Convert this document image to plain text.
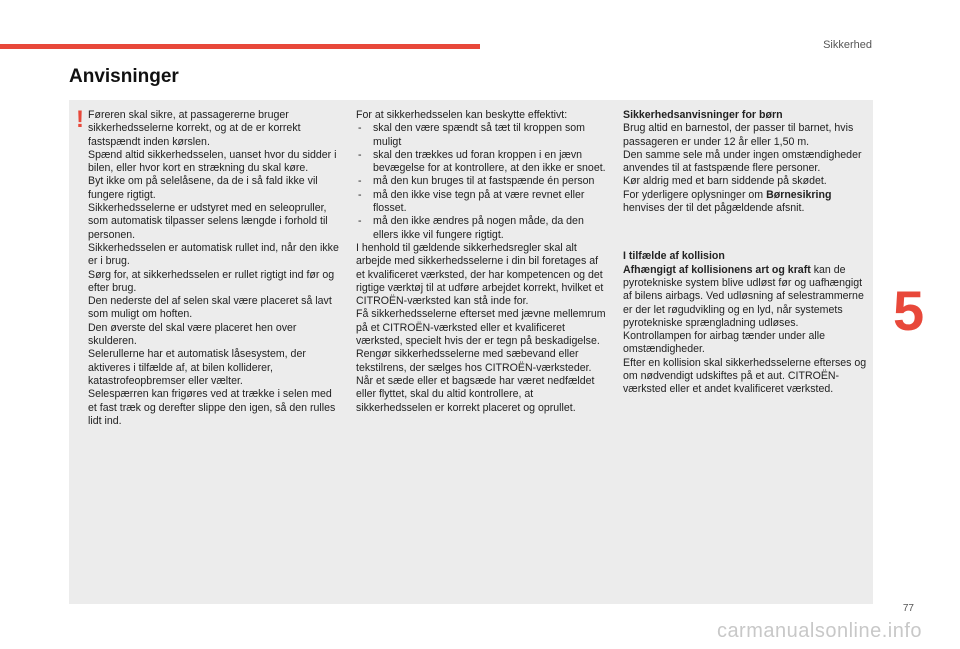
Sikkerhed
Anvisninger
! Føreren skal sikre, at passagererne bruger sikkerhedsselerne korrekt, og at de er korrekt fastspændt inden kørslen.

Spænd altid sikkerhedsselen, uanset hvor du sidder i bilen, eller hvor kort en strækning du skal køre.

Byt ikke om på selelåsene, da de i så fald ikke vil fungere rigtigt.

Sikkerhedsselerne er udstyret med en seleopruller, som automatisk tilpasser selens længde i forhold til personen.

Sikkerhedsselen er automatisk rullet ind, når den ikke er i brug.

Sørg for, at sikkerhedsselen er rullet rigtigt ind før og efter brug.

Den nederste del af selen skal være placeret så lavt som muligt om hoften.

Den øverste del skal være placeret hen over skulderen.

Selerullerne har et automatisk låsesystem, der aktiveres i tilfælde af, at bilen kolliderer, katastrofeopbremser eller vælter.

Selespærren kan frigøres ved at trække i selen med et fast træk og derefter slippe den igen, så den rulles lidt ind.

For at sikkerhedsselen kan beskytte effektivt:

- skal den være spændt så tæt til kroppen som muligt

- skal den trækkes ud foran kroppen i en jævn bevægelse for at kontrollere, at den ikke er snoet.

- må den kun bruges til at fastspænde én person

- må den ikke vise tegn på at være revnet eller flosset.

- må den ikke ændres på nogen måde, da den ellers ikke vil fungere rigtigt.

I henhold til gældende sikkerhedsregler skal alt arbejde med sikkerhedsselerne i din bil foretages af et kvalificeret værksted, der har kompetencen og det rigtige værktøj til at udføre arbejdet korrekt, hvilket et CITROËN-værksted kan stå inde for.

Få sikkerhedsselerne efterset med jævne mellemrum på et CITROËN-værksted eller et kvalificeret værksted, specielt hvis der er tegn på beskadigelse.

Rengør sikkerhedsselerne med sæbevand eller tekstilrens, der sælges hos CITROËN-værksteder.

Når et sæde eller et bagsæde har været nedfældet eller flyttet, skal du altid kontrollere, at sikkerhedsselen er korrekt placeret og oprullet.

Sikkerhedsanvisninger for børn

Brug altid en barnestol, der passer til barnet, hvis passageren er under 12 år eller 1,50 m.

Den samme sele må under ingen omstændigheder anvendes til at fastspænde flere personer.

Kør aldrig med et barn siddende på skødet.

For yderligere oplysninger om Børnesikring henvises der til det pågældende afsnit.

I tilfælde af kollision

Afhængigt af kollisionens art og kraft kan de pyrotekniske system blive udløst før og uafhængigt af bilens airbags. Ved udløsning af selestrammerne er der let røgudvikling og en lyd, når systemets pyrotekniske sprængladning udløses.

Kontrollampen for airbag tænder under alle omstændigheder.

Efter en kollision skal sikkerhedsselerne efterses og om nødvendigt udskiftes på et aut. CITROËN-værksted eller et andet kvalificeret værksted.

5
77
carmanualsonline.info
